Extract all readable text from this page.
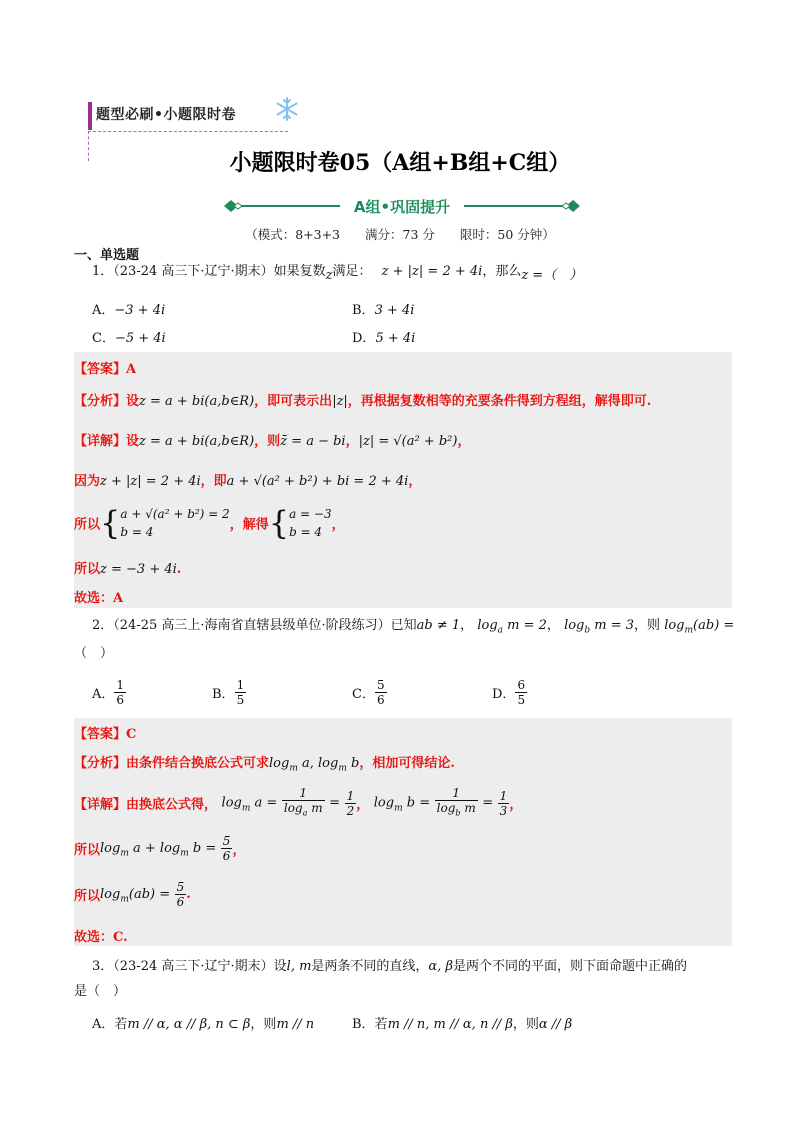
题型必刷•小题限时卷
小题限时卷05（A组+B组+C组）
A组•巩固提升
（模式：8+3+3　　满分：73 分　　限时：50 分钟）
一、单选题
1．（23-24 高三下·辽宁·期末）如果复数z满足： z + |z| = 2 + 4i，那么z =（　）
A．−3 + 4i	B．3 + 4i
C．−5 + 4i	D．5 + 4i
【答案】A
【分析】设z = a + bi(a,b∈R)，即可表示出|z|，再根据复数相等的充要条件得到方程组，解得即可.
【详解】设z = a + bi(a,b∈R)，则z̄ = a − bi，|z| = √(a² + b²)，
因为z + |z| = 2 + 4i，即a + √(a² + b²) + bi = 2 + 4i，
所以{ a + √(a² + b²) = 2
b = 4	，解得{ a = −3
b = 4 ，
所以z = −3 + 4i.
故选：A
2．（24-25 高三上·海南省直辖县级单位·阶段练习）已知ab ≠ 1， $\log_a m = 2$， $\log_b m = 3$，则 $\log_m(ab)$ =
（　）
A． $\frac{1}{6}$	B． $\frac{1}{5}$	C． $\frac{5}{6}$	D． $\frac{6}{5}$
【答案】C
【分析】由条件结合换底公式可求$\log_m a$, $\log_m b$，相加可得结论.
【详解】由换底公式得， $\log_m a = \frac{1}{\log_a m} = \frac{1}{2}$ ， $\log_m b = \frac{1}{\log_b m} = \frac{1}{3}$ ，
所以$\log_m a + \log_m b = \frac{5}{6}$ ，
所以$\log_m(ab) = \frac{5}{6}$ .
故选：C.
3．（23-24 高三下·辽宁·期末）设l, m是两条不同的直线，α, β是两个不同的平面，则下面命题中正确的
是（　）
A．若m // α, α // β, n ⊂ β，则m // n	B．若m // n, m // α, n // β，则α // β
